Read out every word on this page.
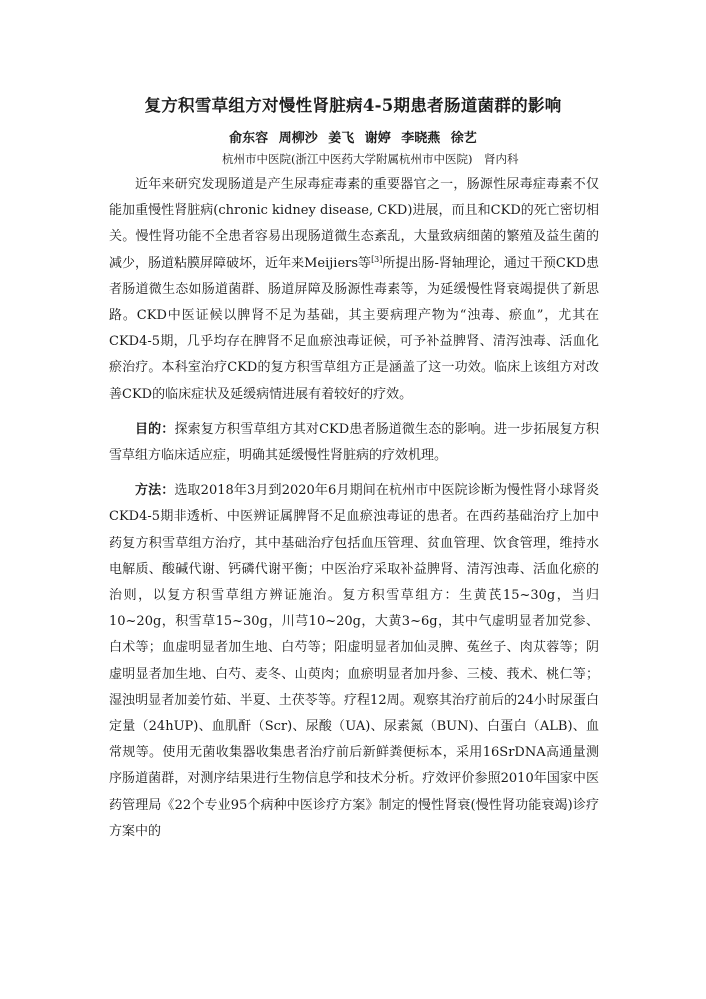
复方积雪草组方对慢性肾脏病4-5期患者肠道菌群的影响
俞东容 周柳沙 姜飞 谢婷 李晓燕 徐艺
杭州市中医院(浙江中医药大学附属杭州市中医院)　肾内科

近年来研究发现肠道是产生尿毒症毒素的重要器官之一，肠源性尿毒症毒素不仅能加重慢性肾脏病(chronic kidney disease, CKD)进展，而且和CKD的死亡密切相关。慢性肾功能不全患者容易出现肠道微生态紊乱，大量致病细菌的繁殖及益生菌的减少，肠道粘膜屏障破坏，近年来Meijiers等[3]所提出肠-肾轴理论，通过干预CKD患者肠道微生态如肠道菌群、肠道屏障及肠源性毒素等，为延缓慢性肾衰竭提供了新思路。CKD中医证候以脾肾不足为基础，其主要病理产物为“浊毒、瘀血”，尤其在CKD4-5期，几乎均存在脾肾不足血瘀浊毒证候，可予补益脾肾、清泻浊毒、活血化瘀治疗。本科室治疗CKD的复方积雪草组方正是涵盖了这一功效。临床上该组方对改善CKD的临床症状及延缓病情进展有着较好的疗效。

目的：探索复方积雪草组方其对CKD患者肠道微生态的影响。进一步拓展复方积雪草组方临床适应症，明确其延缓慢性肾脏病的疗效机理。

方法：选取2018年3月到2020年6月期间在杭州市中医院诊断为慢性肾小球肾炎CKD4-5期非透析、中医辨证属脾肾不足血瘀浊毒证的患者。在西药基础治疗上加中药复方积雪草组方治疗，其中基础治疗包括血压管理、贫血管理、饮食管理，维持水电解质、酸碱代谢、钙磷代谢平衡；中医治疗采取补益脾肾、清泻浊毒、活血化瘀的治则，以复方积雪草组方辨证施治。复方积雪草组方：生黄芪15~30g，当归10~20g，积雪草15~30g，川芎10~20g，大黄3~6g，其中气虚明显者加党参、白术等；血虚明显者加生地、白芍等；阳虚明显者加仙灵脾、菟丝子、肉苁蓉等；阴虚明显者加生地、白芍、麦冬、山萸肉；血瘀明显者加丹参、三棱、莪术、桃仁等；湿浊明显者加姜竹茹、半夏、土茯苓等。疗程12周。观察其治疗前后的24小时尿蛋白定量（24hUP)、血肌酐（Scr)、尿酸（UA)、尿素氮（BUN)、白蛋白（ALB)、血常规等。使用无菌收集器收集患者治疗前后新鲜粪便标本，采用16SrDNA高通量测序肠道菌群，对测序结果进行生物信息学和技术分析。疗效评价参照2010年国家中医药管理局《22个专业95个病种中医诊疗方案》制定的慢性肾衰(慢性肾功能衰竭)诊疗方案中的
